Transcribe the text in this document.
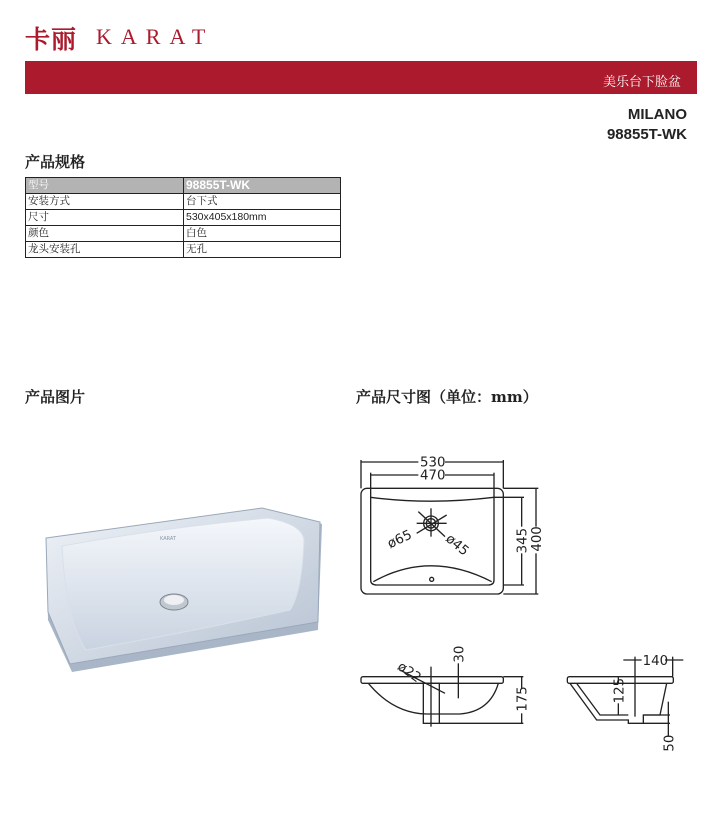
卡丽 KARAT
美乐台下脸盆
MILANO
98855T-WK
产品规格
型号	98855T-WK
安装方式	台下式
尺寸	530x405x180mm
颜色	白色
龙头安装孔	无孔
产品图片	产品尺寸图（单位：mm）
KARAT
530
470
345 400
ø65 ø45
ø22
30
175
140
125
50
